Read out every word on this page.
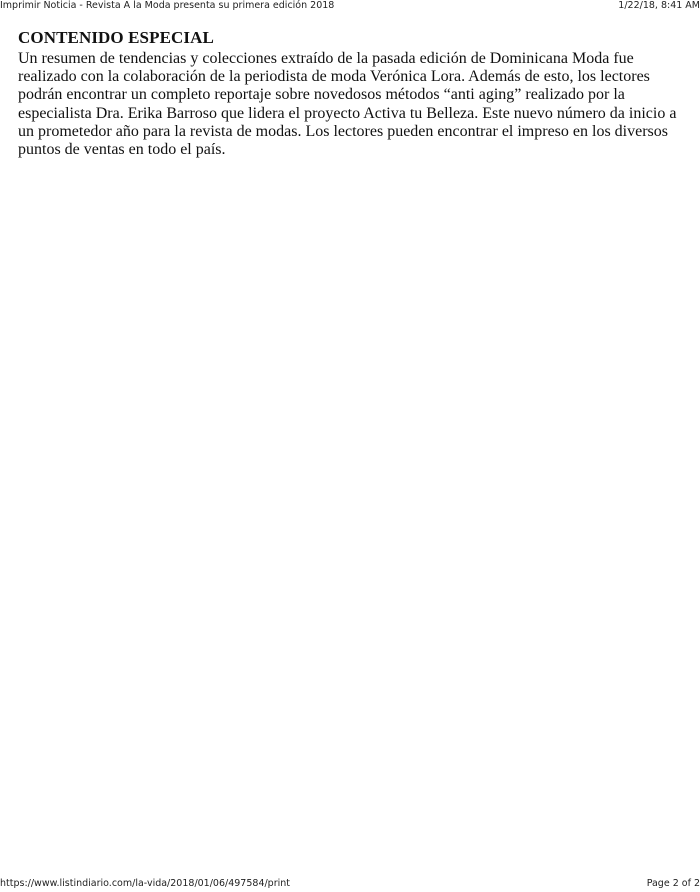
Imprimir Noticia - Revista A la Moda presenta su primera edición 2018	1/22/18, 8:41 AM
CONTENIDO ESPECIAL

Un resumen de tendencias y colecciones extraído de la pasada edición de Dominicana Moda fue realizado con la colaboración de la periodista de moda Verónica Lora. Además de esto, los lectores podrán encontrar un completo reportaje sobre novedosos métodos “anti aging” realizado por la especialista Dra. Erika Barroso que lidera el proyecto Activa tu Belleza. Este nuevo número da inicio a un prometedor año para la revista de modas. Los lectores pueden encontrar el impreso en los diversos puntos de ventas en todo el país.

https://www.listindiario.com/la-vida/2018/01/06/497584/print	Page 2 of 2
